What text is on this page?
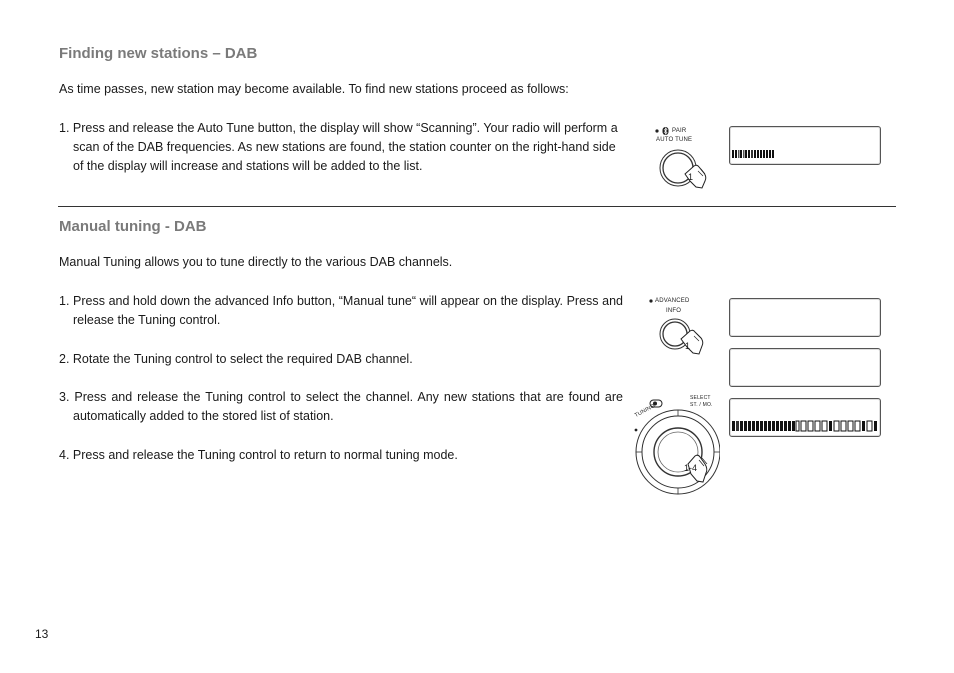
Finding new stations – DAB

As time passes, new station may become available. To find new stations proceed as follows:

1. Press and release the Auto Tune button, the display will show “Scanning”. Your radio will perform a scan of the DAB frequencies. As new stations are found, the station counter on the right-hand side of the display will increase and stations will be added to the list.

PAIR
AUTO TUNE
1
Manual tuning - DAB

Manual Tuning allows you to tune directly to the various DAB channels.

1. Press and hold down the advanced Info button, “Manual tune“ will appear on the display. Press and release the Tuning control.

2. Rotate the Tuning control to select the required DAB channel.

3. Press and release the Tuning control to select the channel. Any new stations that are found are automatically added to the stored list of station.

4. Press and release the Tuning control to return to normal tuning mode.

ADVANCED
INFO
1
TUNING
SELECT
ST. / MO.
1-4
13
